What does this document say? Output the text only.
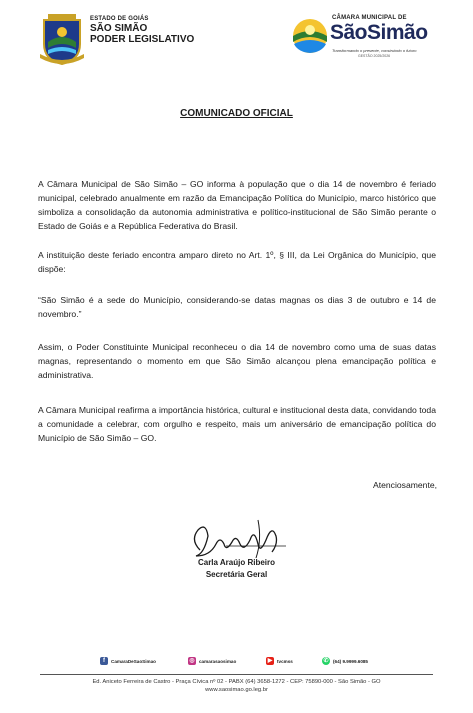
ESTADO DE GOIÁS
SÃO SIMÃO
PODER LEGISLATIVO
CÂMARA MUNICIPAL DE
SãoSimão
Transformando o presente, construindo o futuro
GESTÃO 2025/2026
COMUNICADO OFICIAL
A Câmara Municipal de São Simão – GO informa à população que o dia 14 de novembro é feriado municipal, celebrado anualmente em razão da Emancipação Política do Município, marco histórico que simboliza a consolidação da autonomia administrativa e político-institucional de São Simão perante o Estado de Goiás e a República Federativa do Brasil.
A instituição deste feriado encontra amparo direto no Art. 1º, § III, da Lei Orgânica do Município, que dispõe:
“São Simão é a sede do Município, considerando-se datas magnas os dias 3 de outubro e 14 de novembro.”
Assim, o Poder Constituinte Municipal reconheceu o dia 14 de novembro como uma de suas datas magnas, representando o momento em que São Simão alcançou plena emancipação política e administrativa.
A Câmara Municipal reafirma a importância histórica, cultural e institucional desta data, convidando toda a comunidade a celebrar, com orgulho e respeito, mais um aniversário de emancipação política do Município de São Simão – GO.
Atenciosamente,
Carla Araújo Ribeiro
Secretária Geral
f	CamaraDeSaoSimao	◎ camarasaosimao	▶	tvcmss	✆ (64) 9.9999.6085
Ed. Aniceto Ferreira de Castro - Praça Cívica nº 02 - PABX (64) 3658-1272 - CEP: 75890-000 - São Simão - GO
www.saosimao.go.leg.br
